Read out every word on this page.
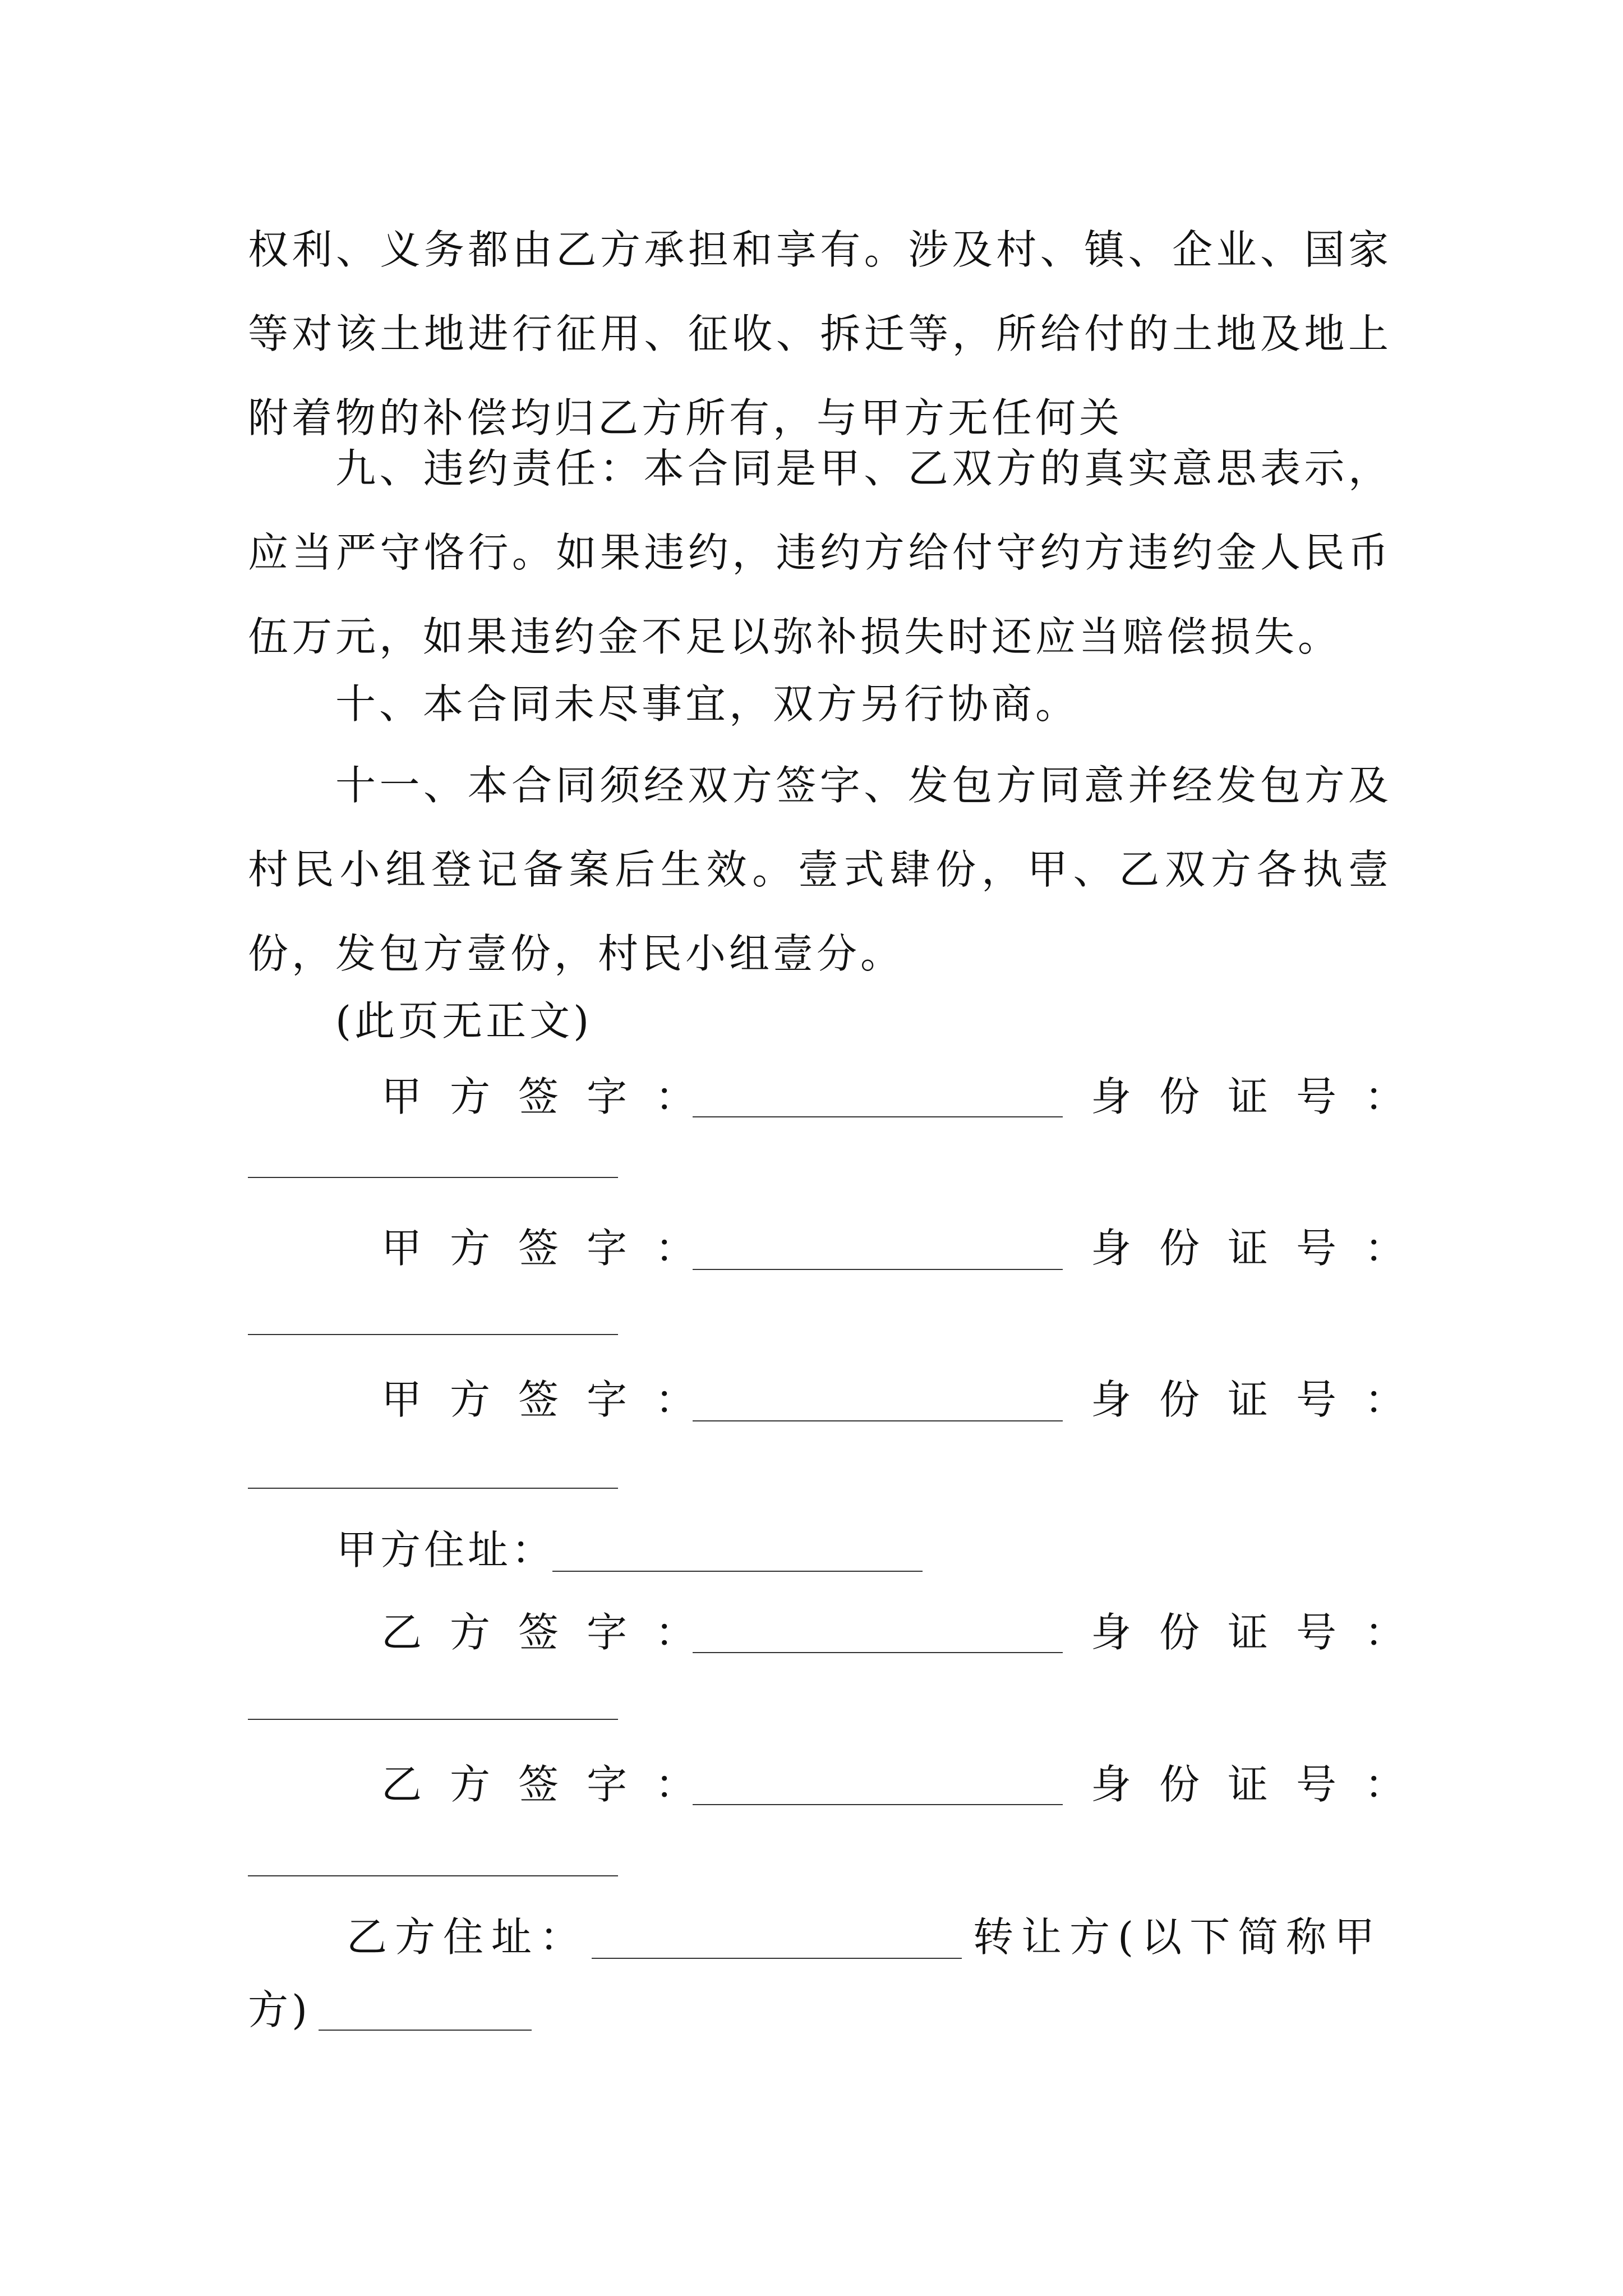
权利、义务都由乙方承担和享有。涉及村、镇、企业、国家等对该土地进行征用、征收、拆迁等，所给付的土地及地上附着物的补偿均归乙方所有，与甲方无任何关

九、违约责任：本合同是甲、乙双方的真实意思表示，应当严守恪行。如果违约，违约方给付守约方违约金人民币伍万元，如果违约金不足以弥补损失时还应当赔偿损失。

十、本合同未尽事宜，双方另行协商。

十一、本合同须经双方签字、发包方同意并经发包方及村民小组登记备案后生效。壹式肆份，甲、乙双方各执壹份，发包方壹份，村民小组壹分。

(此页无正文)

甲方签字：	身份证号：
甲方签字：	身份证号：
甲方签字：	身份证号：
甲方住址：
乙方签字：	身份证号：
乙方签字：	身份证号：
乙方住址：	转让方(以下简称甲
方)
